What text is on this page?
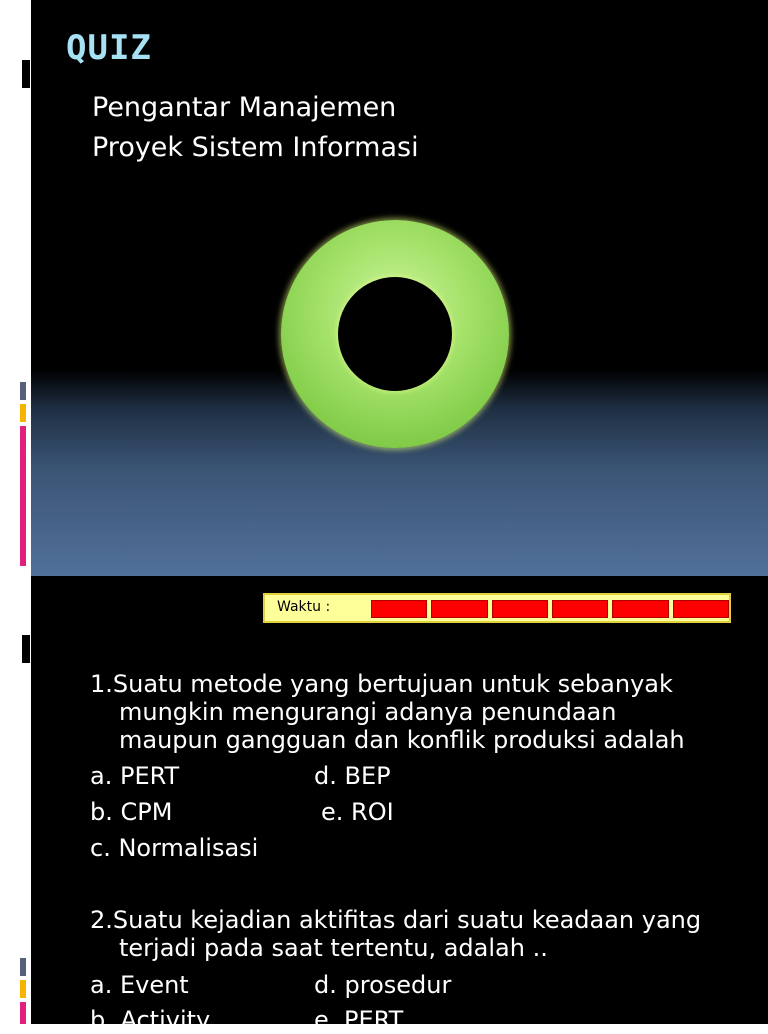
QUIZ
Pengantar Manajemen
Proyek Sistem Informasi
Waktu :
1.Suatu metode yang bertujuan untuk sebanyak
mungkin mengurangi adanya penundaan
maupun gangguan dan konflik produksi adalah
a. PERT	d. BEP
b. CPM	e. ROI
c. Normalisasi
2.Suatu kejadian aktifitas dari suatu keadaan yang
terjadi pada saat tertentu, adalah ..
a. Event	d. prosedur
b. Activity	e. PERT
